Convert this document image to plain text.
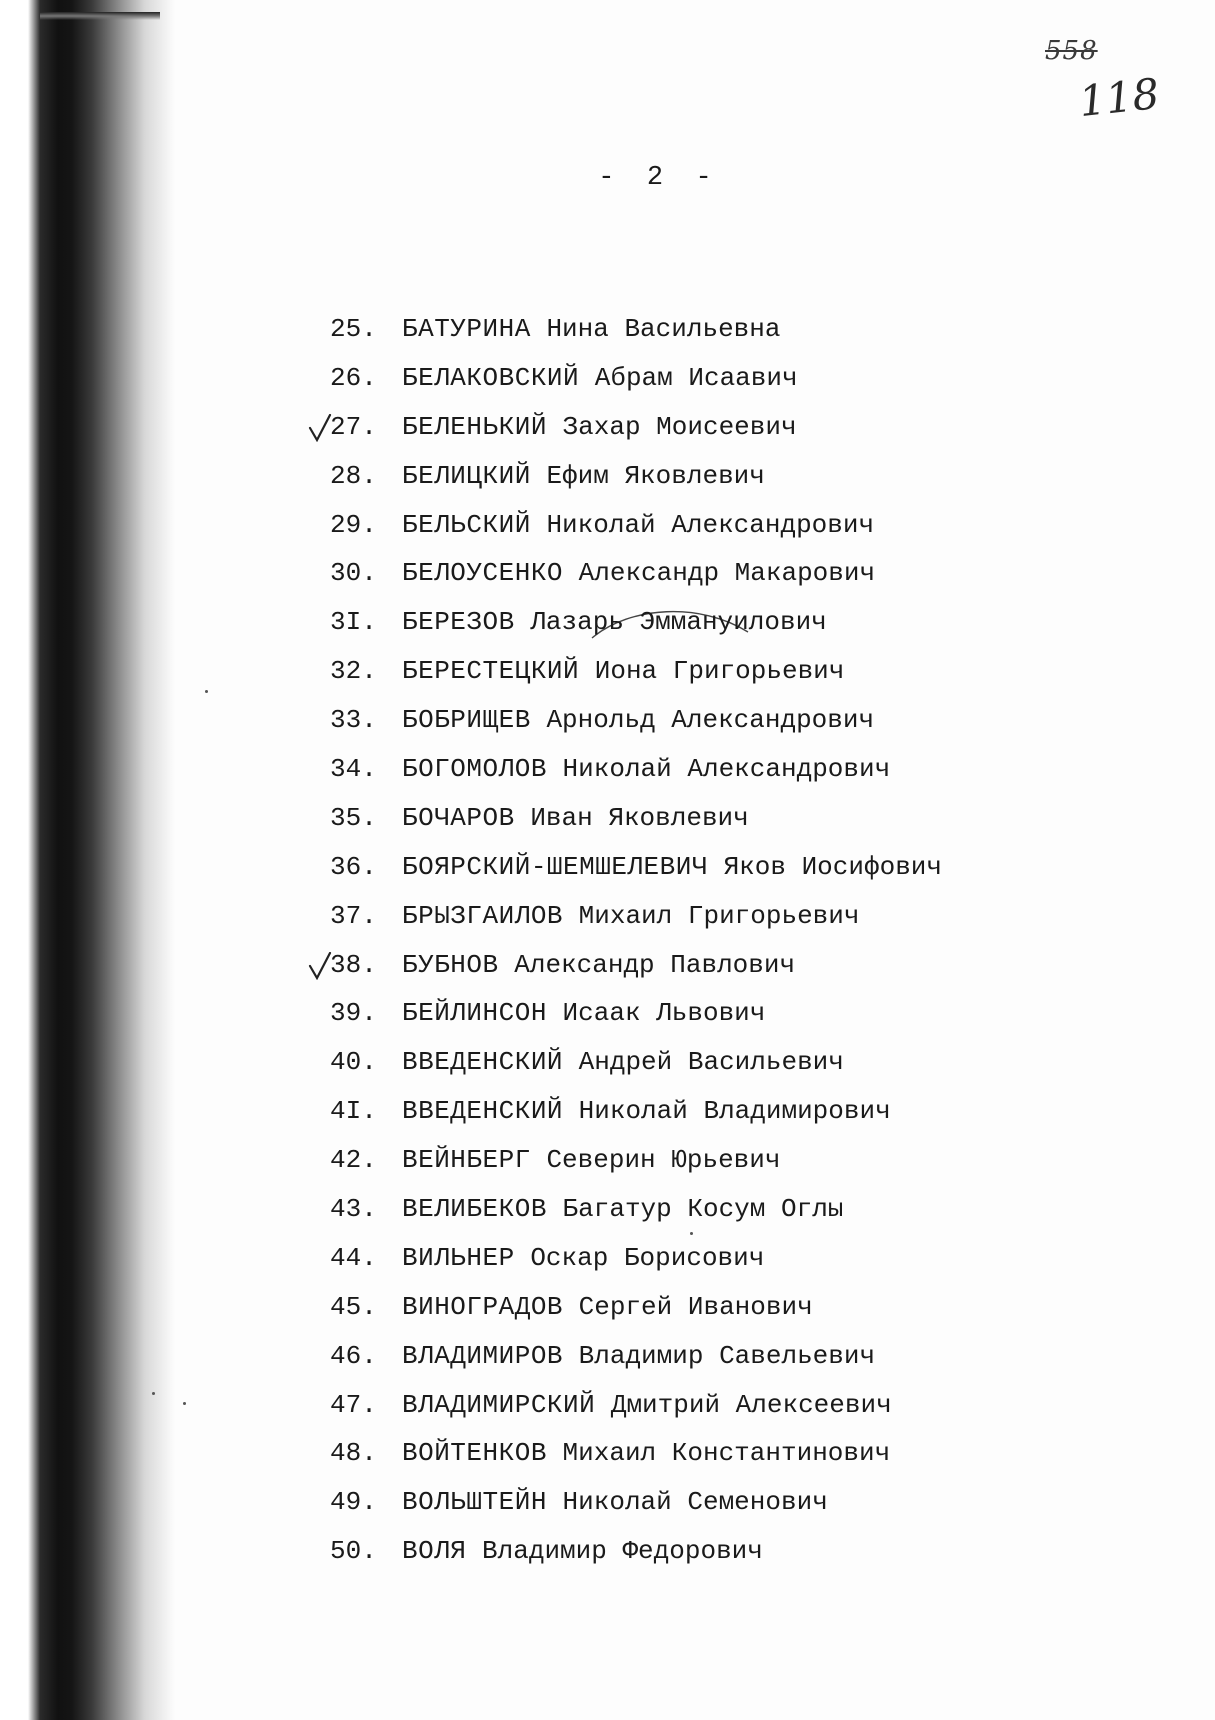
558
118
-  2  -
25. БАТУРИНА Нина Васильевна
26. БЕЛАКОВСКИЙ Абрам Исаавич
27. БЕЛЕНЬКИЙ Захар Моисеевич
28. БЕЛИЦКИЙ Ефим Яковлевич
29. БЕЛЬСКИЙ Николай Александрович
30. БЕЛОУСЕНКО Александр Макарович
3I. БЕРЕЗОВ Лазарь Эммануилович
32. БЕРЕСТЕЦКИЙ Иона Григорьевич
33. БОБРИЩЕВ Арнольд Александрович
34. БОГОМОЛОВ Николай Александрович
35. БОЧАРОВ Иван Яковлевич
36. БОЯРСКИЙ-ШЕМШЕЛЕВИЧ Яков Иосифович
37. БРЫЗГАИЛОВ Михаил Григорьевич
38. БУБНОВ Александр Павлович
39. БЕЙЛИНСОН Исаак Львович
40. ВВЕДЕНСКИЙ Андрей Васильевич
4I. ВВЕДЕНСКИЙ Николай Владимирович
42. ВЕЙНБЕРГ Северин Юрьевич
43. ВЕЛИБЕКОВ Багатур Косум Оглы
44. ВИЛЬНЕР Оскар Борисович
45. ВИНОГРАДОВ Сергей Иванович
46. ВЛАДИМИРОВ Владимир Савельевич
47. ВЛАДИМИРСКИЙ Дмитрий Алексеевич
48. ВОЙТЕНКОВ Михаил Константинович
49. ВОЛЬШТЕЙН Николай Семенович
50. ВОЛЯ Владимир Федорович
